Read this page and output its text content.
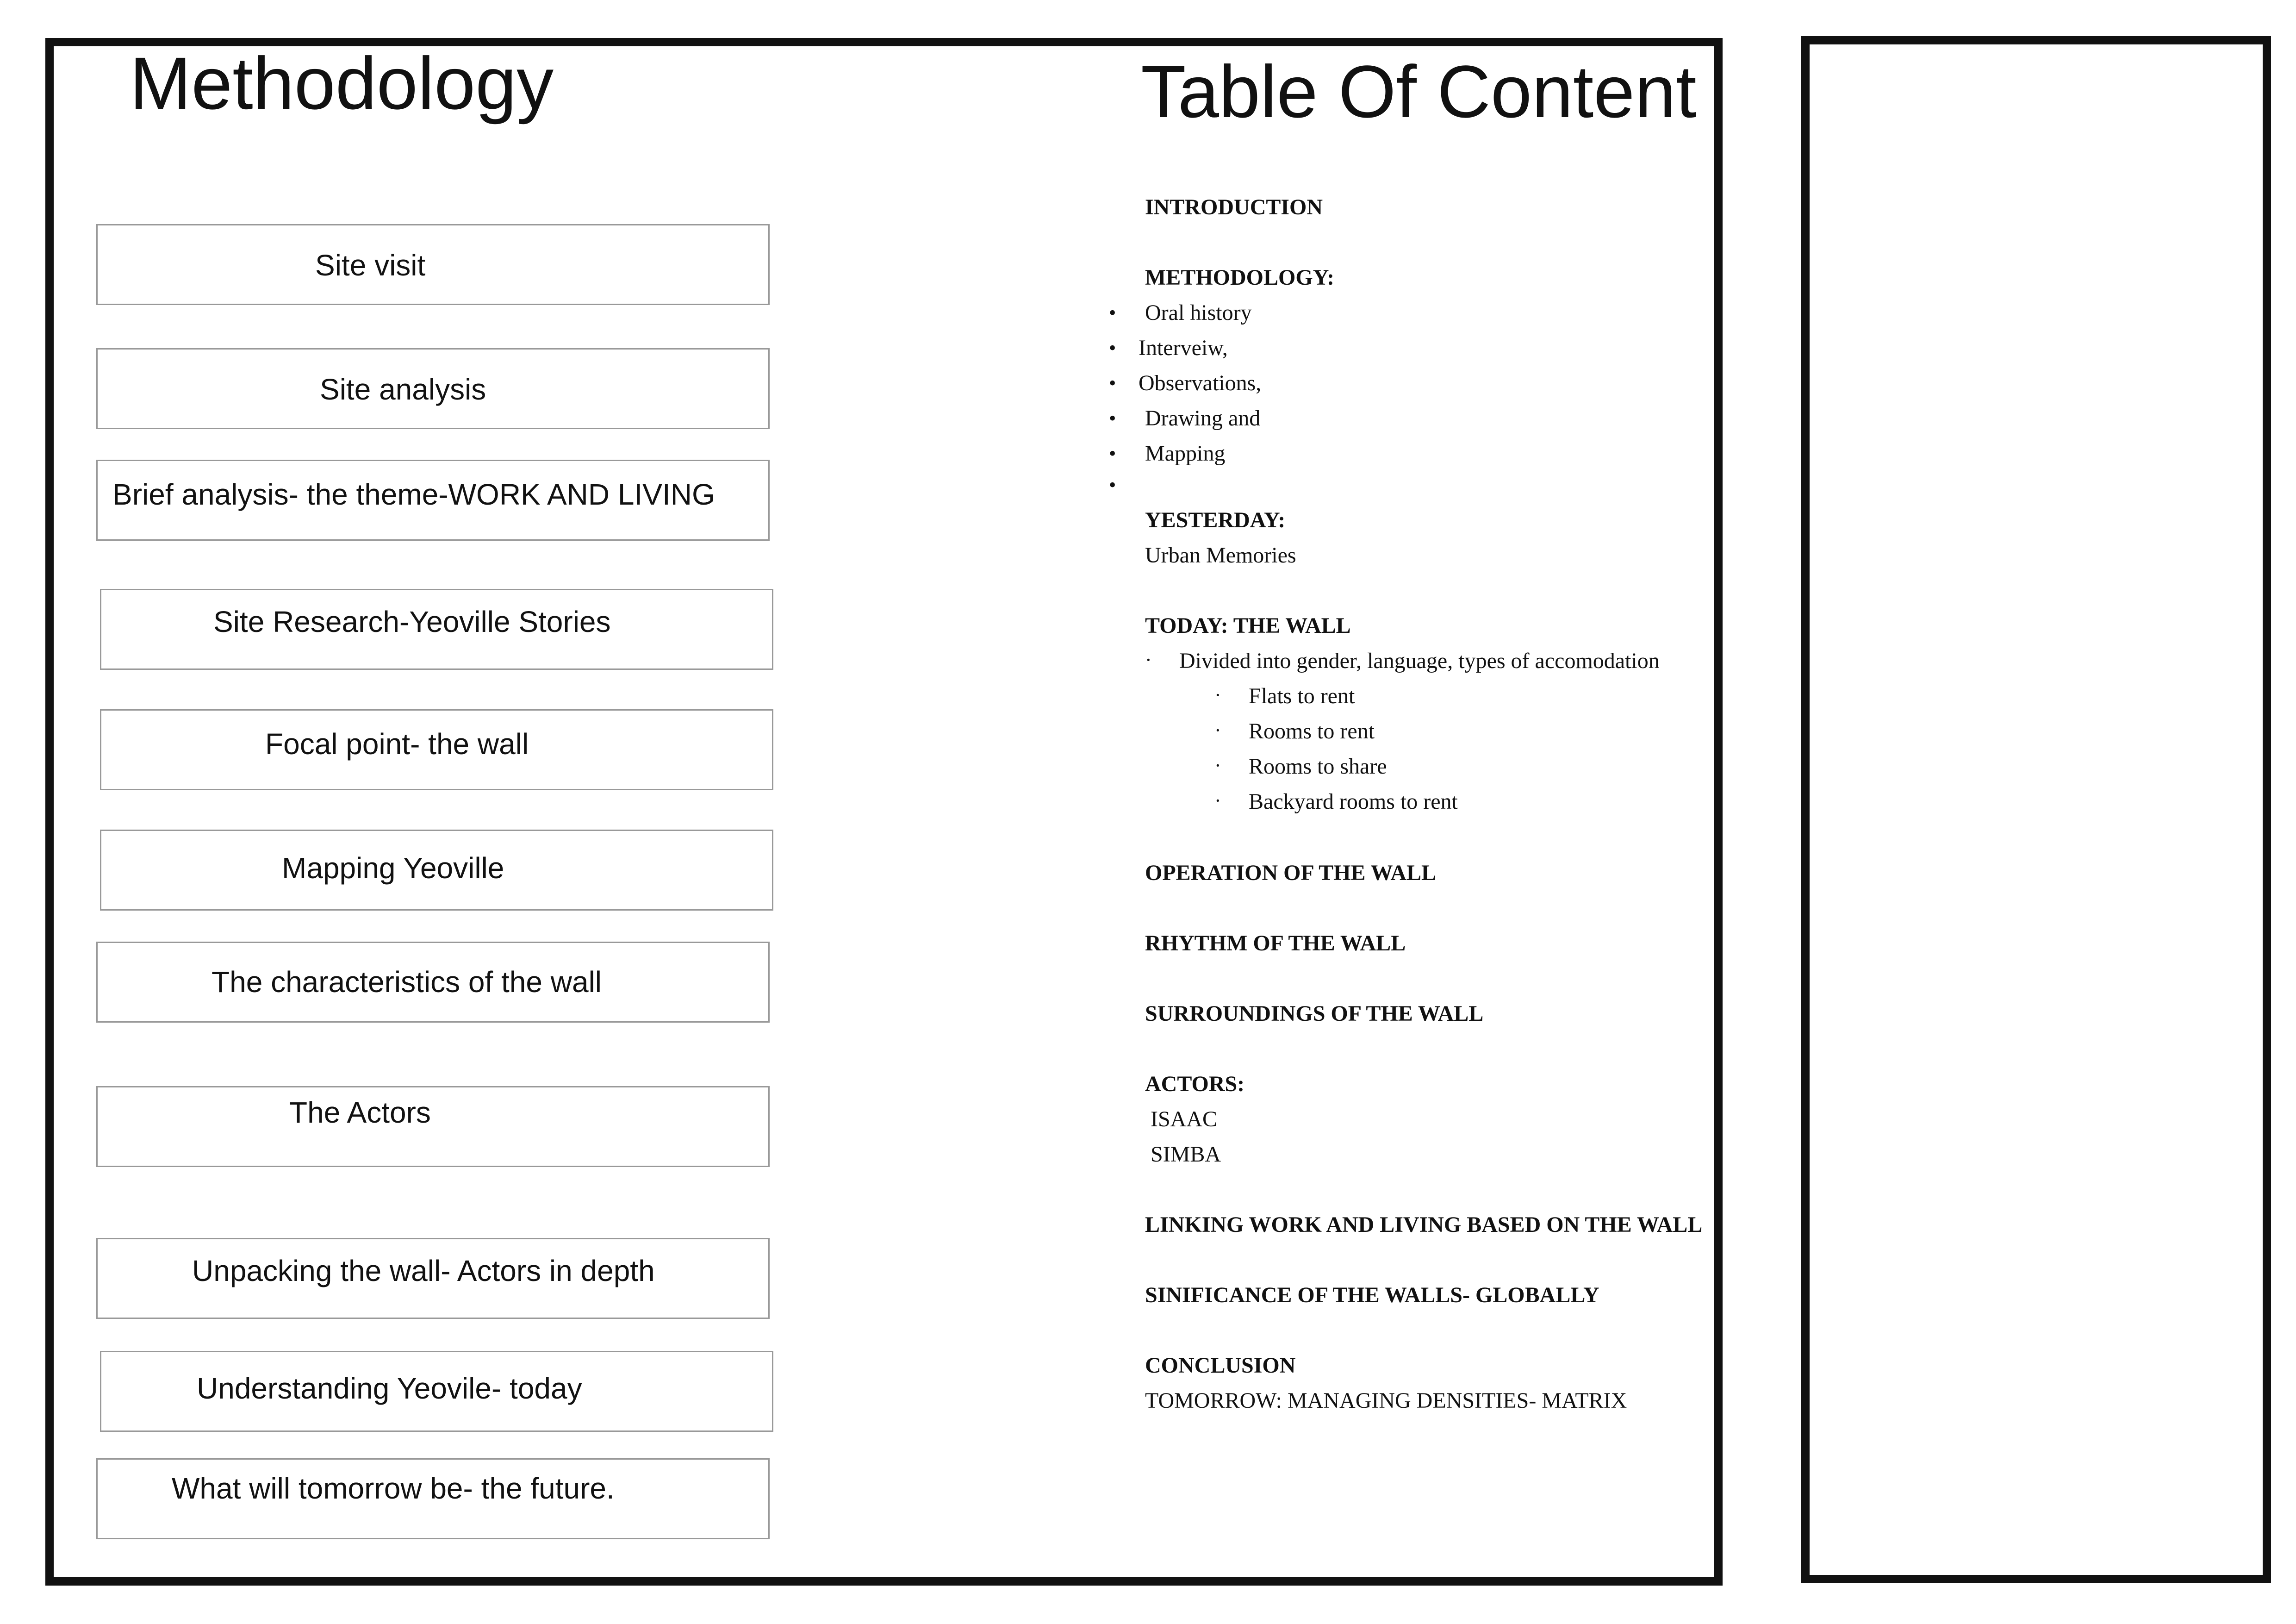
Methodology	Table Of Content
Site visit
Site analysis
Brief analysis- the theme-WORK AND LIVING
Site Research-Yeoville Stories
Focal point- the wall
Mapping Yeoville
The characteristics of the wall
The Actors
Unpacking the wall- Actors in depth
Understanding Yeovile- today
What will tomorrow be- the future.

INTRODUCTION

METHODOLOGY:

• Oral history

• Interveiw,

• Observations,

• Drawing and

• Mapping

•

YESTERDAY:

Urban Memories

TODAY: THE WALL

· Divided into gender, language, types of accomodation

· Flats to rent

· Rooms to rent

· Rooms to share

· Backyard rooms to rent

OPERATION OF THE WALL

RHYTHM OF THE WALL

SURROUNDINGS OF THE WALL

ACTORS:

ISAAC

SIMBA

LINKING WORK AND LIVING BASED ON THE WALL

SINIFICANCE OF THE WALLS- GLOBALLY

CONCLUSION

TOMORROW: MANAGING DENSITIES- MATRIX
